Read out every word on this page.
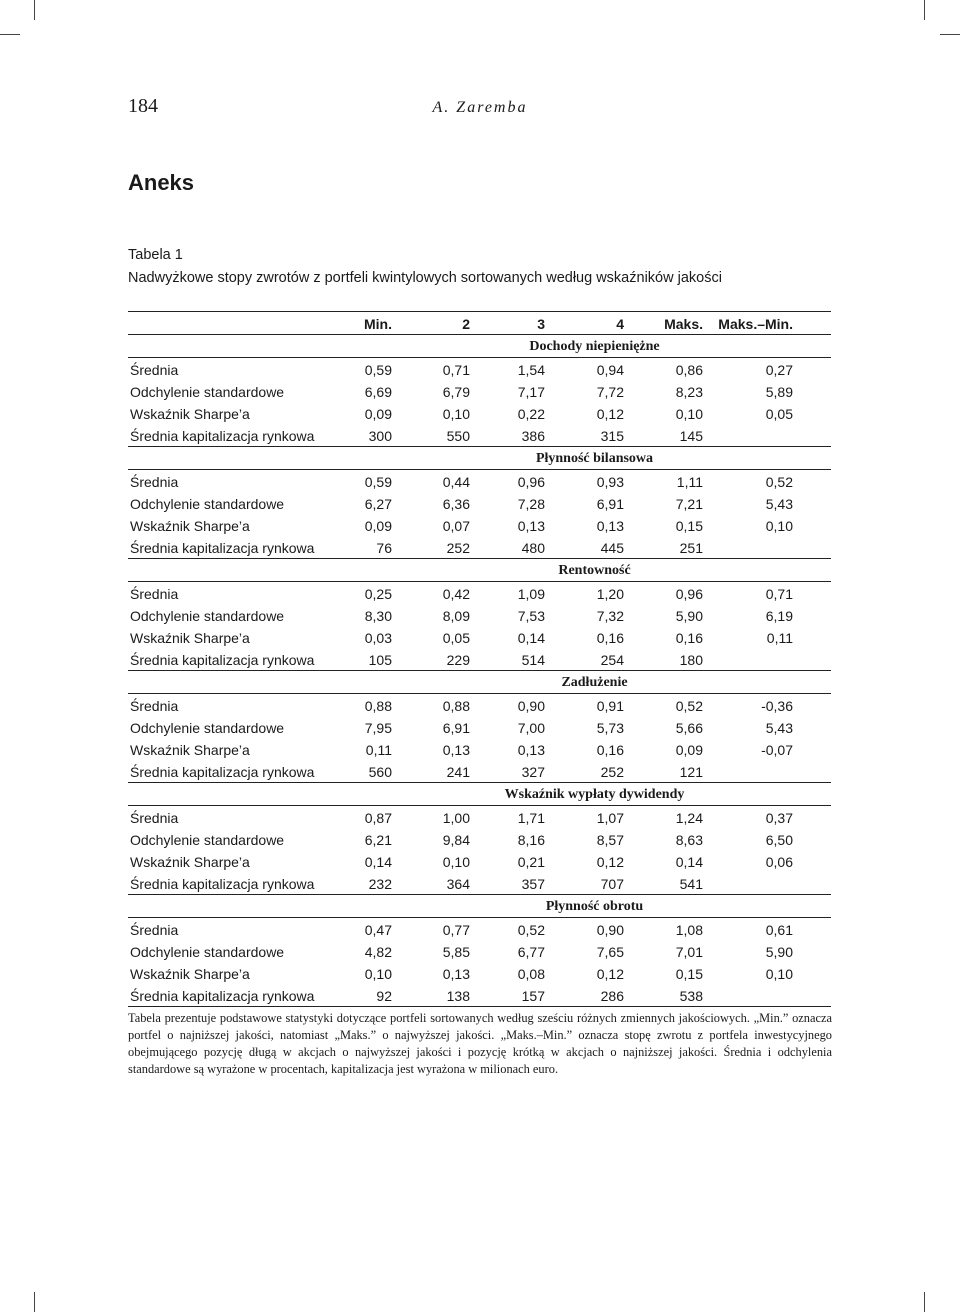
184	A. Zaremba
Aneks
Tabela 1
Nadwyżkowe stopy zwrotów z portfeli kwintylowych sortowanych według wskaźników jakości
Min.	2	3	4	Maks. Maks.–Min.
Dochody niepieniężne
Średnia	0,59	0,71	1,54	0,94	0,86	0,27
Odchylenie standardowe	6,69	6,79	7,17	7,72	8,23	5,89
Wskaźnik Sharpe’a	0,09	0,10	0,22	0,12	0,10	0,05
Średnia kapitalizacja rynkowa	300	550	386	315	145
Płynność bilansowa
Średnia	0,59	0,44	0,96	0,93	1,11	0,52
Odchylenie standardowe	6,27	6,36	7,28	6,91	7,21	5,43
Wskaźnik Sharpe’a	0,09	0,07	0,13	0,13	0,15	0,10
Średnia kapitalizacja rynkowa	76	252	480	445	251
Rentowność
Średnia	0,25	0,42	1,09	1,20	0,96	0,71
Odchylenie standardowe	8,30	8,09	7,53	7,32	5,90	6,19
Wskaźnik Sharpe’a	0,03	0,05	0,14	0,16	0,16	0,11
Średnia kapitalizacja rynkowa	105	229	514	254	180
Zadłużenie
Średnia	0,88	0,88	0,90	0,91	0,52	-0,36
Odchylenie standardowe	7,95	6,91	7,00	5,73	5,66	5,43
Wskaźnik Sharpe’a	0,11	0,13	0,13	0,16	0,09	-0,07
Średnia kapitalizacja rynkowa	560	241	327	252	121
Wskaźnik wypłaty dywidendy
Średnia	0,87	1,00	1,71	1,07	1,24	0,37
Odchylenie standardowe	6,21	9,84	8,16	8,57	8,63	6,50
Wskaźnik Sharpe’a	0,14	0,10	0,21	0,12	0,14	0,06
Średnia kapitalizacja rynkowa	232	364	357	707	541
Płynność obrotu
Średnia	0,47	0,77	0,52	0,90	1,08	0,61
Odchylenie standardowe	4,82	5,85	6,77	7,65	7,01	5,90
Wskaźnik Sharpe’a	0,10	0,13	0,08	0,12	0,15	0,10
Średnia kapitalizacja rynkowa	92	138	157	286	538
Tabela prezentuje podstawowe statystyki dotyczące portfeli sortowanych według sześciu różnych zmiennych jakościowych. „Min.” oznacza portfel o najniższej jakości, natomiast „Maks.” o najwyższej jakości. „Maks.–Min.” oznacza stopę zwrotu z portfela inwestycyjnego obejmującego pozycję długą w akcjach o najwyższej jakości i pozycję krótką w akcjach o najniższej jakości. Średnia i odchylenia standardowe są wyrażone w procentach, kapitalizacja jest wyrażona w milionach euro.
